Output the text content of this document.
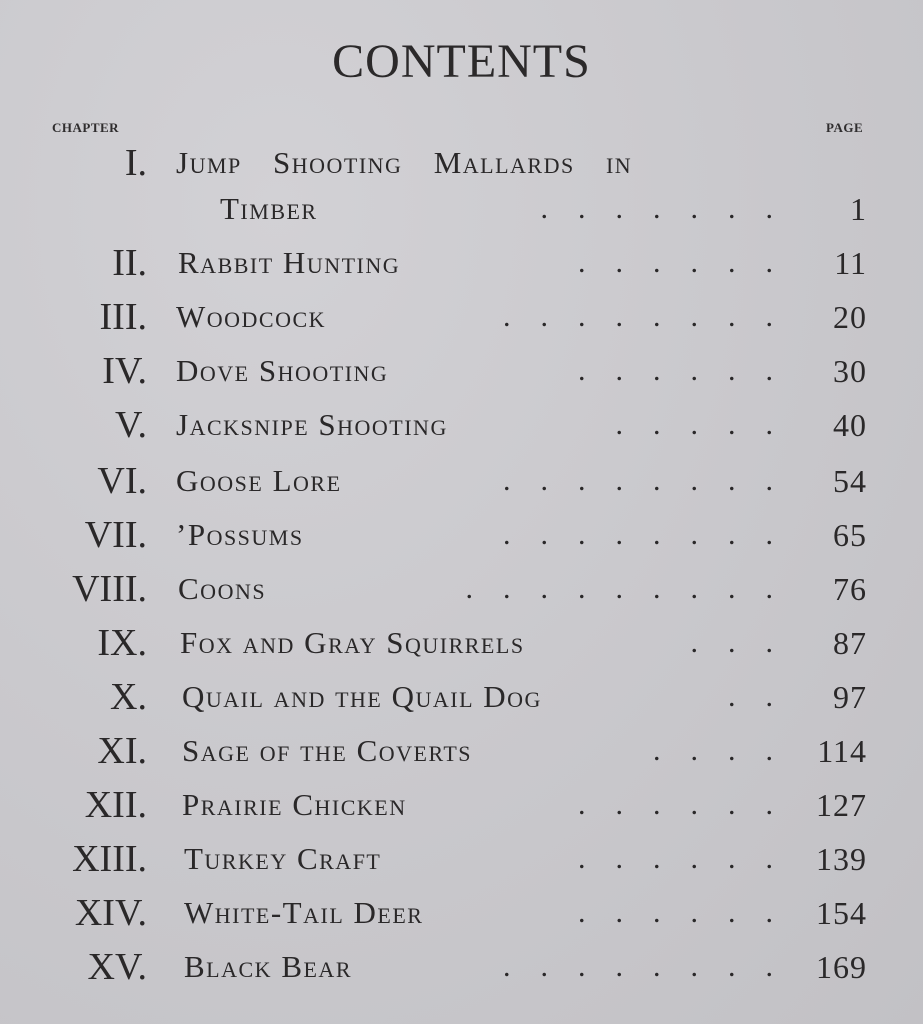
CONTENTS
CHAPTER	PAGE
I. Jump Shooting Mallards in
Timber	.    .    .    .    .    .    .	1
II. Rabbit Hunting	.    .    .    .    .    .	11
III. Woodcock	.    .    .    .    .    .    .    .	20
IV. Dove Shooting	.    .    .    .    .    .	30
V. Jacksnipe Shooting	.    .    .    .    .	40
VI. Goose Lore	.    .    .    .    .    .    .    .	54
VII. ’Possums	.    .    .    .    .    .    .    .	65
VIII. Coons	.    .    .    .    .    .    .    .    .	76
IX. Fox and Gray Squirrels	.    .    .	87
X. Quail and the Quail Dog	.    .	97
XI. Sage of the Coverts	.    .    .    .	114
XII. Prairie Chicken	.    .    .    .    .    .	127
XIII. Turkey Craft	.    .    .    .    .    .	139
XIV. White-Tail Deer	.    .    .    .    .    .	154
XV. Black Bear	.    .    .    .    .    .    .    .	169
